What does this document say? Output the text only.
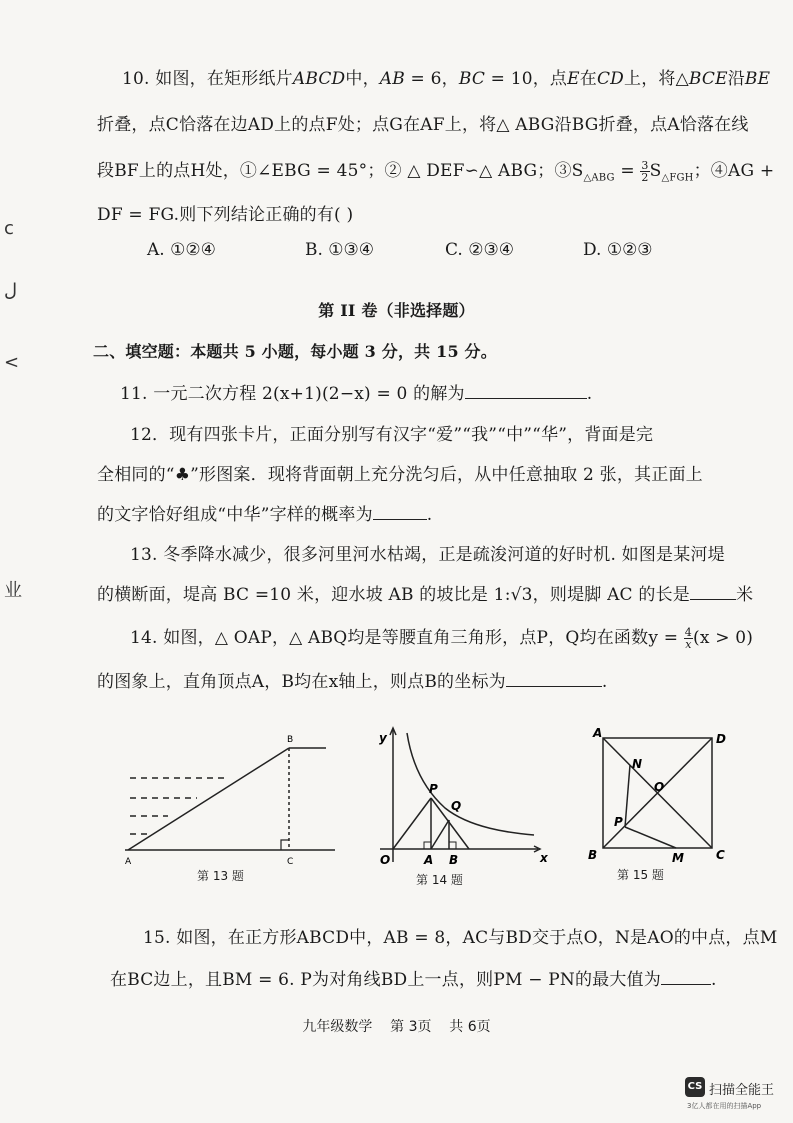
c
ل
<
业
10. 如图，在矩形纸片ABCD中，AB = 6，BC = 10，点E在CD上，将△BCE沿BE
折叠，点C恰落在边AD上的点F处；点G在AF上，将△ ABG沿BG折叠，点A恰落在线
段BF上的点H处，①∠EBG = 45°；② △ DEF∽△ ABG；$③S_{\triangle ABG} = \frac{3}{2} S_{\triangle FGH}$；④AG +
DF = FG.则下列结论正确的有( )
A. ①②④	B. ①③④	C. ②③④	D. ①②③
第 II 卷（非选择题）
二、填空题：本题共 5 小题，每小题 3 分，共 15 分。
11. 一元二次方程 2(x+1)(2−x) = 0 的解为	.
12．现有四张卡片，正面分别写有汉字“爱”“我”“中”“华”，背面是完
全相同的“♣”形图案．现将背面朝上充分洗匀后，从中任意抽取 2 张，其正面上
的文字恰好组成“中华”字样的概率为	.
13. 冬季降水减少，很多河里河水枯竭，正是疏浚河道的好时机. 如图是某河堤
的横断面，堤高 BC =10 米，迎水坡 AB 的坡比是 1:√3，则堤脚 AC 的长是	米
14. 如图，△ OAP，△ ABQ均是等腰直角三角形，点P，Q均在函数$y = \frac{4}{x} (x > 0)$
的图象上，直角顶点A，B均在x轴上，则点B的坐标为	.
B
A	C
第 13 题
y
x
O	A B
P
Q
第 14 题
A	D
B	C
N
O
P
M
第 15 题
15. 如图，在正方形ABCD中，AB = 8，AC与BD交于点O，N是AO的中点，点M
在BC边上，且BM = 6. P为对角线BD上一点，则PM − PN的最大值为	.
九年级数学    第 3页    共 6页
CS 扫描全能王
3亿人都在用的扫描App
